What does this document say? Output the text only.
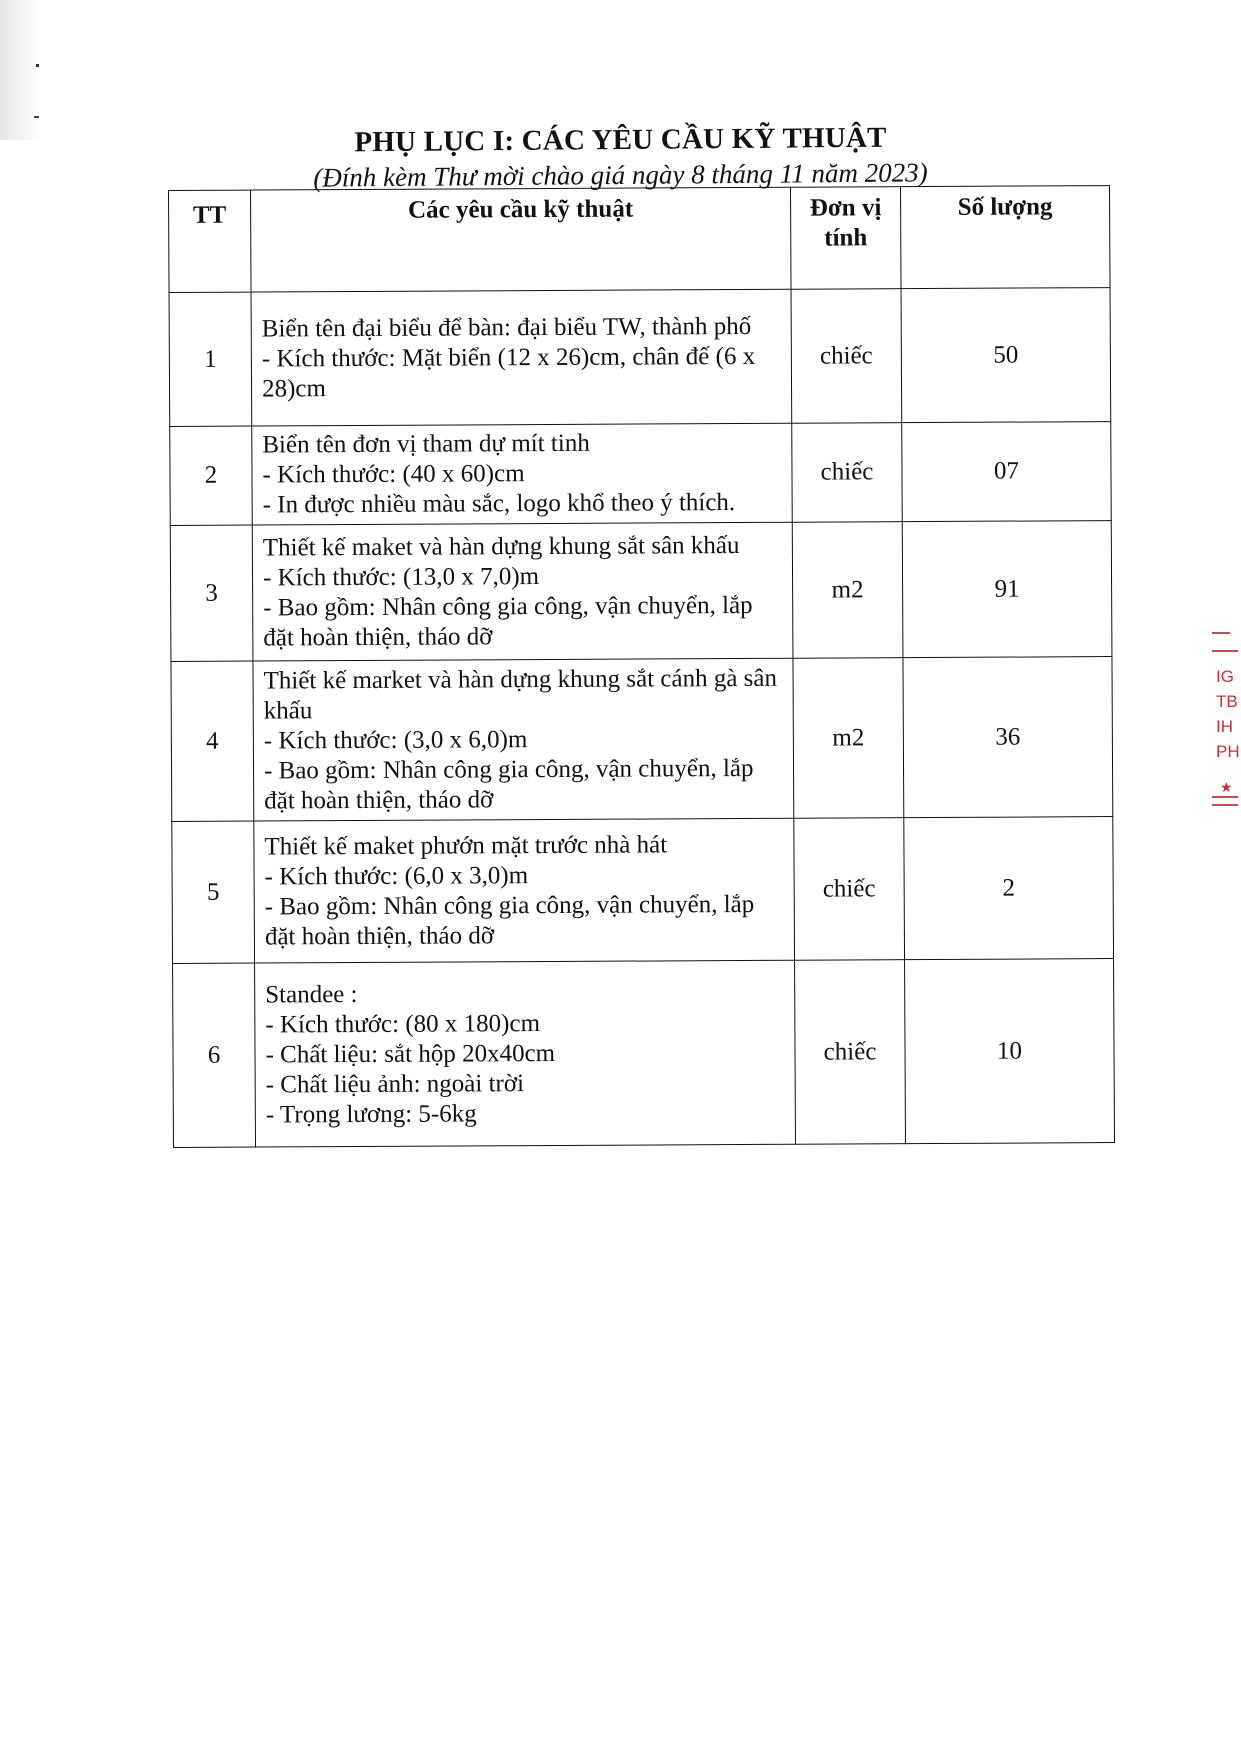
PHỤ LỤC I: CÁC YÊU CẦU KỸ THUẬT
(Đính kèm Thư mời chào giá ngày 8 tháng 11 năm 2023)
TT	Các yêu cầu kỹ thuật	Đơn vị tính	Số lượng
1	Biển tên đại biểu để bàn: đại biểu TW, thành phố
- Kích thước: Mặt biển (12 x 26)cm, chân đế (6 x 28)cm	chiếc	50
2	Biển tên đơn vị tham dự mít tinh
- Kích thước: (40 x 60)cm
- In được nhiều màu sắc, logo khổ theo ý thích.	chiếc	07
3	Thiết kế maket và hàn dựng khung sắt sân khấu
- Kích thước: (13,0 x 7,0)m
- Bao gồm: Nhân công gia công, vận chuyển, lắp đặt hoàn thiện, tháo dỡ	m2	91
4	Thiết kế market và hàn dựng khung sắt cánh gà sân khấu
- Kích thước: (3,0 x 6,0)m
- Bao gồm: Nhân công gia công, vận chuyển, lắp đặt hoàn thiện, tháo dỡ	m2	36
5	Thiết kế maket phướn mặt trước nhà hát
- Kích thước: (6,0 x 3,0)m
- Bao gồm: Nhân công gia công, vận chuyển, lắp đặt hoàn thiện, tháo dỡ	chiếc	2
6	Standee :
- Kích thước: (80 x 180)cm
- Chất liệu: sắt hộp 20x40cm
- Chất liệu ảnh: ngoài trời
- Trọng lương: 5-6kg	chiếc	10
IG
TB
IH
PH
★
